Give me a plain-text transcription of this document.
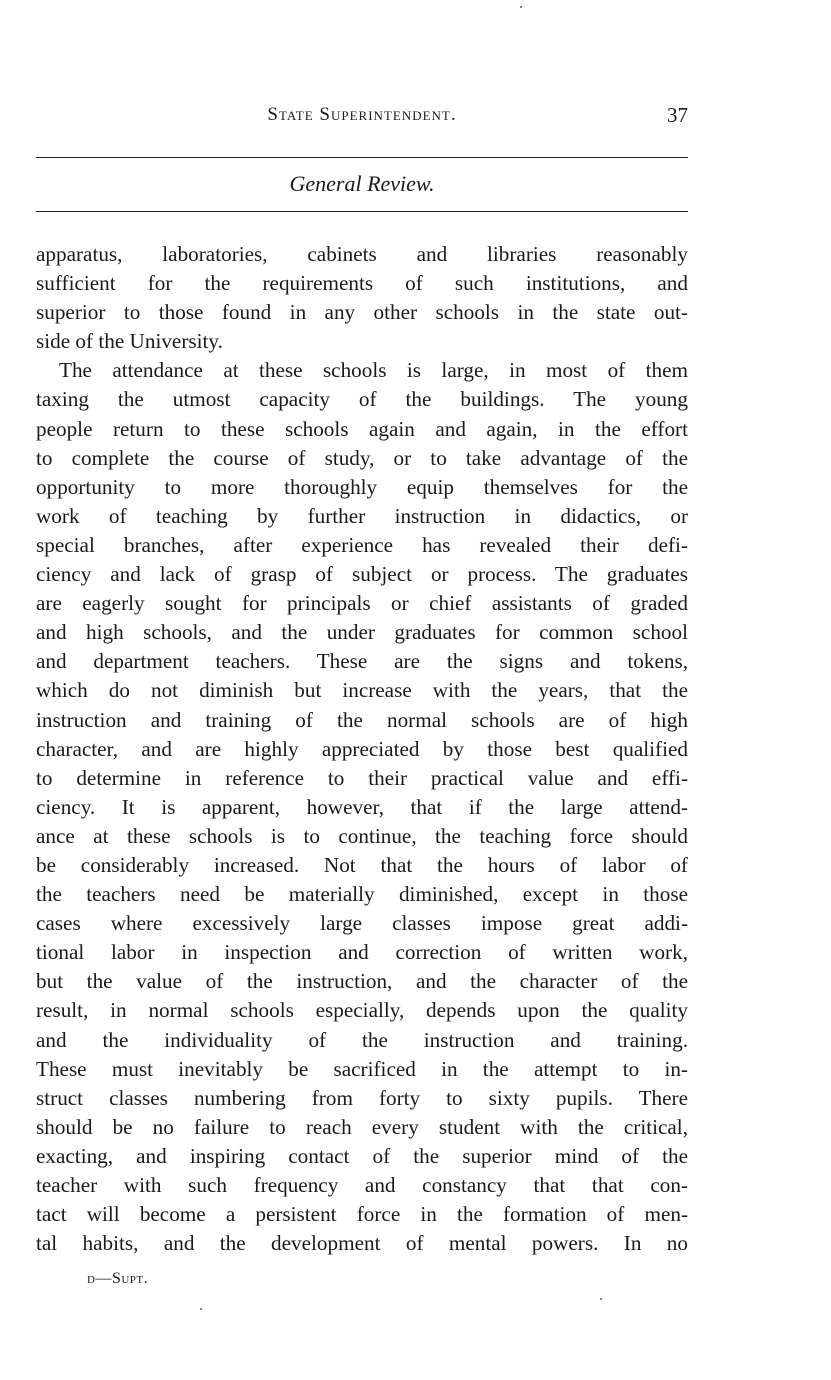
State Superintendent.	37
General Review.
apparatus, laboratories, cabinets and libraries reasonably
sufficient for the requirements of such institutions, and
superior to those found in any other schools in the state out-
side of the University.
The attendance at these schools is large, in most of them
taxing the utmost capacity of the buildings. The young
people return to these schools again and again, in the effort
to complete the course of study, or to take advantage of the
opportunity to more thoroughly equip themselves for the
work of teaching by further instruction in didactics, or
special branches, after experience has revealed their defi-
ciency and lack of grasp of subject or process. The graduates
are eagerly sought for principals or chief assistants of graded
and high schools, and the under graduates for common school
and department teachers. These are the signs and tokens,
which do not diminish but increase with the years, that the
instruction and training of the normal schools are of high
character, and are highly appreciated by those best qualified
to determine in reference to their practical value and effi-
ciency. It is apparent, however, that if the large attend-
ance at these schools is to continue, the teaching force should
be considerably increased. Not that the hours of labor of
the teachers need be materially diminished, except in those
cases where excessively large classes impose great addi-
tional labor in inspection and correction of written work,
but the value of the instruction, and the character of the
result, in normal schools especially, depends upon the quality
and the individuality of the instruction and training.
These must inevitably be sacrificed in the attempt to in-
struct classes numbering from forty to sixty pupils. There
should be no failure to reach every student with the critical,
exacting, and inspiring contact of the superior mind of the
teacher with such frequency and constancy that that con-
tact will become a persistent force in the formation of men-
tal habits, and the development of mental powers. In no
d—Supt.
